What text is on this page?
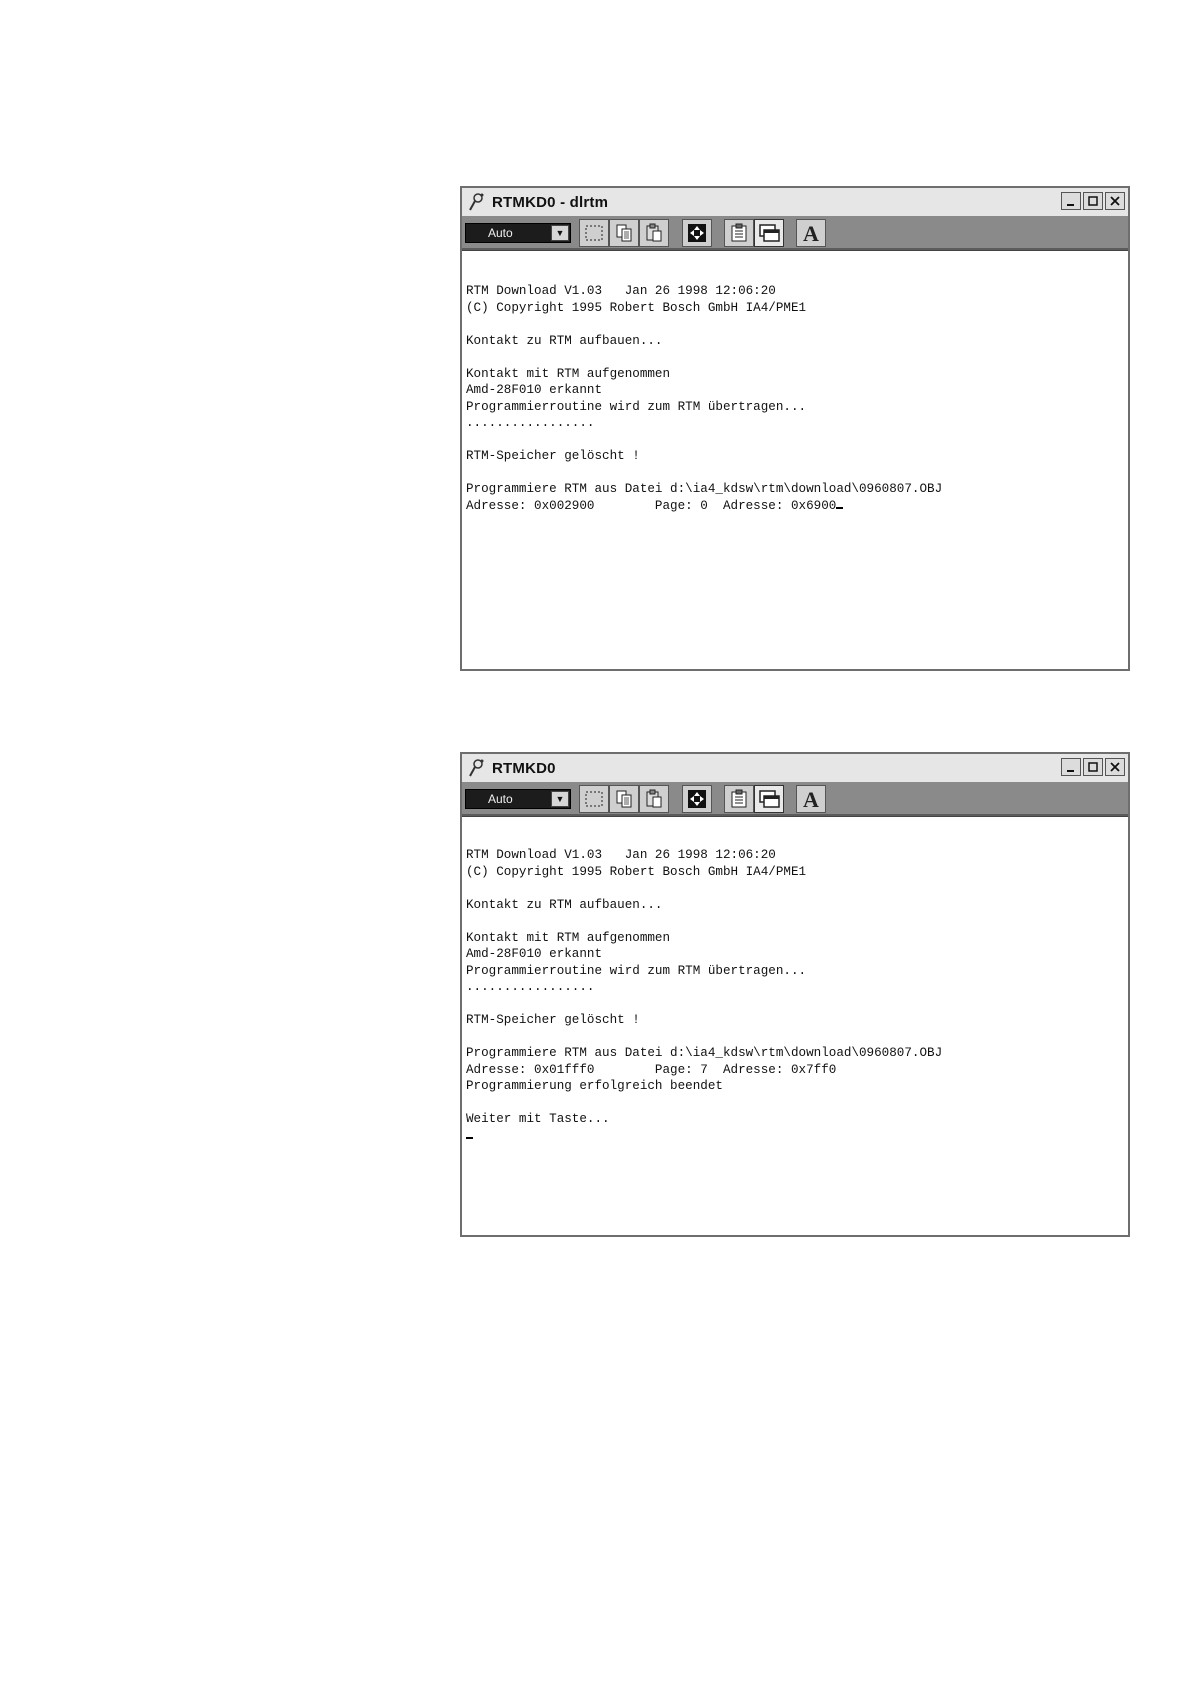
RTMKD0 - dlrtm
Auto	▼	A
RTM Download V1.03   Jan 26 1998 12:06:20
(C) Copyright 1995 Robert Bosch GmbH IA4/PME1
Kontakt zu RTM aufbauen...
Kontakt mit RTM aufgenommen
Amd-28F010 erkannt
Programmierroutine wird zum RTM übertragen...
.................
RTM-Speicher gelöscht !
Programmiere RTM aus Datei d:\ia4_kdsw\rtm\download\0960807.OBJ
Adresse: 0x002900        Page: 0  Adresse: 0x6900
RTMKD0
Auto	▼	A
RTM Download V1.03   Jan 26 1998 12:06:20
(C) Copyright 1995 Robert Bosch GmbH IA4/PME1
Kontakt zu RTM aufbauen...
Kontakt mit RTM aufgenommen
Amd-28F010 erkannt
Programmierroutine wird zum RTM übertragen...
.................
RTM-Speicher gelöscht !
Programmiere RTM aus Datei d:\ia4_kdsw\rtm\download\0960807.OBJ
Adresse: 0x01fff0        Page: 7  Adresse: 0x7ff0
Programmierung erfolgreich beendet
Weiter mit Taste...
